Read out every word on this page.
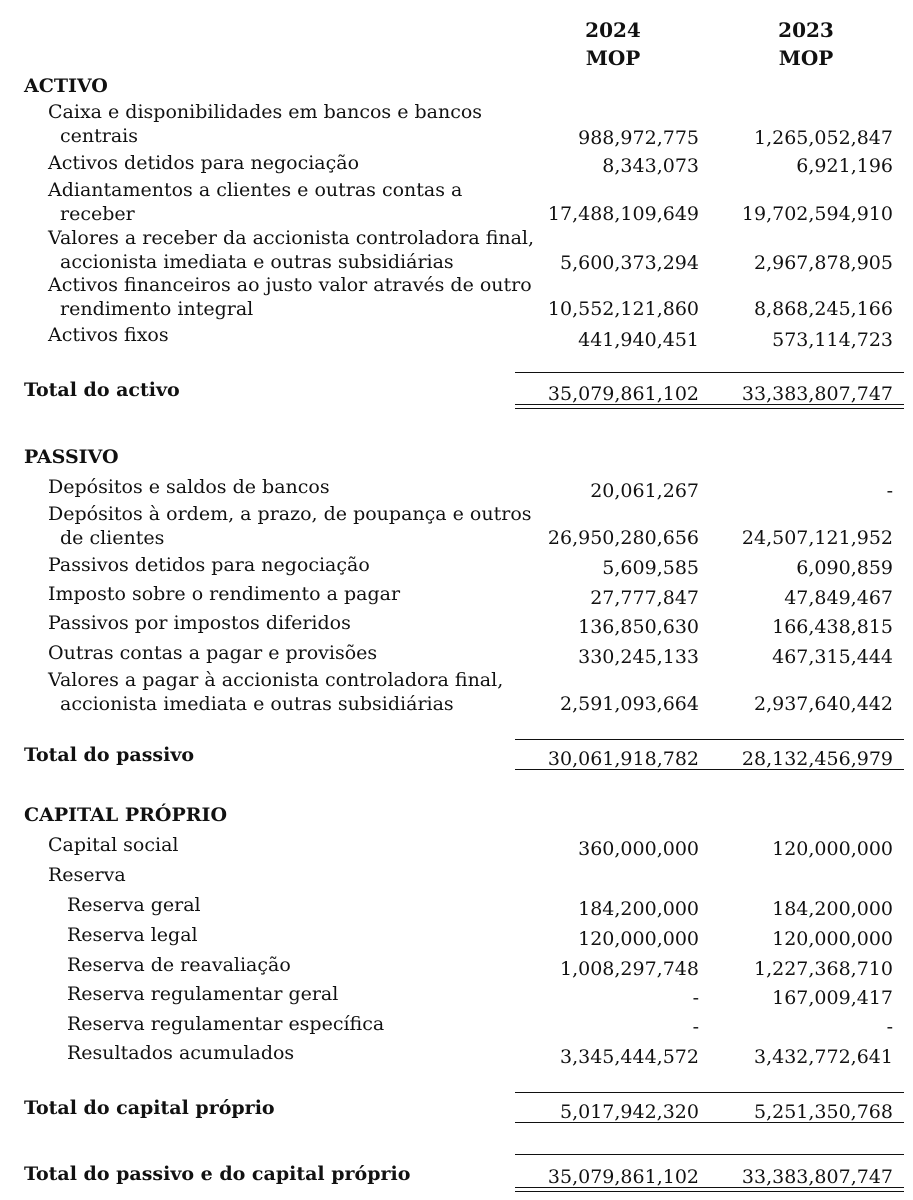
2024
MOP
2023
MOP
ACTIVO
Caixa e disponibilidades em bancos e bancos
centrais	988,972,775	1,265,052,847
Activos detidos para negociação	8,343,073	6,921,196
Adiantamentos a clientes e outras contas a
receber	17,488,109,649 19,702,594,910
Valores a receber da accionista controladora final,
accionista imediata e outras subsidiárias	5,600,373,294	2,967,878,905
Activos financeiros ao justo valor através de outro
rendimento integral	10,552,121,860	8,868,245,166
Activos fixos	441,940,451	573,114,723
Total do activo	35,079,861,102 33,383,807,747
PASSIVO
Depósitos e saldos de bancos	20,061,267	-
Depósitos à ordem, a prazo, de poupança e outros
de clientes	26,950,280,656 24,507,121,952
Passivos detidos para negociação	5,609,585	6,090,859
Imposto sobre o rendimento a pagar	27,777,847	47,849,467
Passivos por impostos diferidos	136,850,630	166,438,815
Outras contas a pagar e provisões	330,245,133	467,315,444
Valores a pagar à accionista controladora final,
accionista imediata e outras subsidiárias	2,591,093,664	2,937,640,442
Total do passivo	30,061,918,782 28,132,456,979
CAPITAL PRÓPRIO
Capital social	360,000,000	120,000,000
Reserva
Reserva geral	184,200,000	184,200,000
Reserva legal	120,000,000	120,000,000
Reserva de reavaliação	1,008,297,748	1,227,368,710
Reserva regulamentar geral	-	167,009,417
Reserva regulamentar específica	-	-
Resultados acumulados	3,345,444,572	3,432,772,641
Total do capital próprio	5,017,942,320	5,251,350,768
Total do passivo e do capital próprio	35,079,861,102 33,383,807,747
